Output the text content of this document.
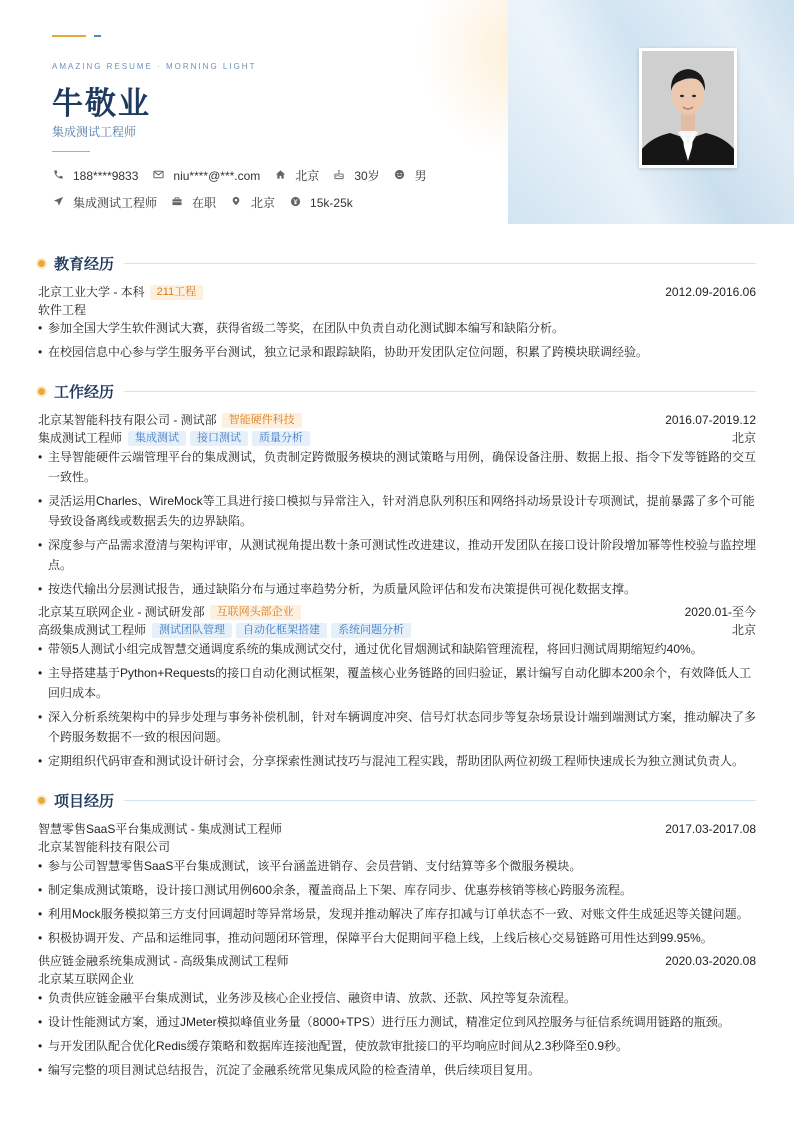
AMAZING RESUME · MORNING LIGHT
牛敬业
集成测试工程师
188****9833	niu****@***.com	北京	30岁	男
集成测试工程师	在职	北京	15k-25k
教育经历
北京工业大学 - 本科	211工程	2012.09-2016.06
软件工程
• 参加全国大学生软件测试大赛，获得省级二等奖，在团队中负责自动化测试脚本编写和缺陷分析。
• 在校园信息中心参与学生服务平台测试，独立记录和跟踪缺陷，协助开发团队定位问题，积累了跨模块联调经验。
工作经历
北京某智能科技有限公司 - 测试部	智能硬件科技	2016.07-2019.12
集成测试工程师	集成测试	接口测试	质量分析	北京
• 主导智能硬件云端管理平台的集成测试，负责制定跨微服务模块的测试策略与用例，确保设备注册、数据上报、指令下发等链路的交互一致性。
• 灵活运用Charles、WireMock等工具进行接口模拟与异常注入，针对消息队列积压和网络抖动场景设计专项测试，提前暴露了多个可能导致设备离线或数据丢失的边界缺陷。
• 深度参与产品需求澄清与架构评审，从测试视角提出数十条可测试性改进建议，推动开发团队在接口设计阶段增加幂等性校验与监控埋点。
• 按迭代输出分层测试报告，通过缺陷分布与通过率趋势分析，为质量风险评估和发布决策提供可视化数据支撑。
北京某互联网企业 - 测试研发部	互联网头部企业	2020.01-至今
高级集成测试工程师	测试团队管理	自动化框架搭建	系统问题分析	北京
• 带领5人测试小组完成智慧交通调度系统的集成测试交付，通过优化冒烟测试和缺陷管理流程，将回归测试周期缩短约40%。
• 主导搭建基于Python+Requests的接口自动化测试框架，覆盖核心业务链路的回归验证，累计编写自动化脚本200余个，有效降低人工回归成本。
• 深入分析系统架构中的异步处理与事务补偿机制，针对车辆调度冲突、信号灯状态同步等复杂场景设计端到端测试方案，推动解决了多个跨服务数据不一致的根因问题。
• 定期组织代码审查和测试设计研讨会，分享探索性测试技巧与混沌工程实践，帮助团队两位初级工程师快速成长为独立测试负责人。
项目经历
智慧零售SaaS平台集成测试 - 集成测试工程师	2017.03-2017.08
北京某智能科技有限公司
• 参与公司智慧零售SaaS平台集成测试，该平台涵盖进销存、会员营销、支付结算等多个微服务模块。
• 制定集成测试策略，设计接口测试用例600余条，覆盖商品上下架、库存同步、优惠券核销等核心跨服务流程。
• 利用Mock服务模拟第三方支付回调超时等异常场景，发现并推动解决了库存扣减与订单状态不一致、对账文件生成延迟等关键问题。
• 积极协调开发、产品和运维同事，推动问题闭环管理，保障平台大促期间平稳上线，上线后核心交易链路可用性达到99.95%。
供应链金融系统集成测试 - 高级集成测试工程师	2020.03-2020.08
北京某互联网企业
• 负责供应链金融平台集成测试，业务涉及核心企业授信、融资申请、放款、还款、风控等复杂流程。
• 设计性能测试方案，通过JMeter模拟峰值业务量（8000+TPS）进行压力测试，精准定位到风控服务与征信系统调用链路的瓶颈。
• 与开发团队配合优化Redis缓存策略和数据库连接池配置，使放款审批接口的平均响应时间从2.3秒降至0.9秒。
• 编写完整的项目测试总结报告，沉淀了金融系统常见集成风险的检查清单，供后续项目复用。
